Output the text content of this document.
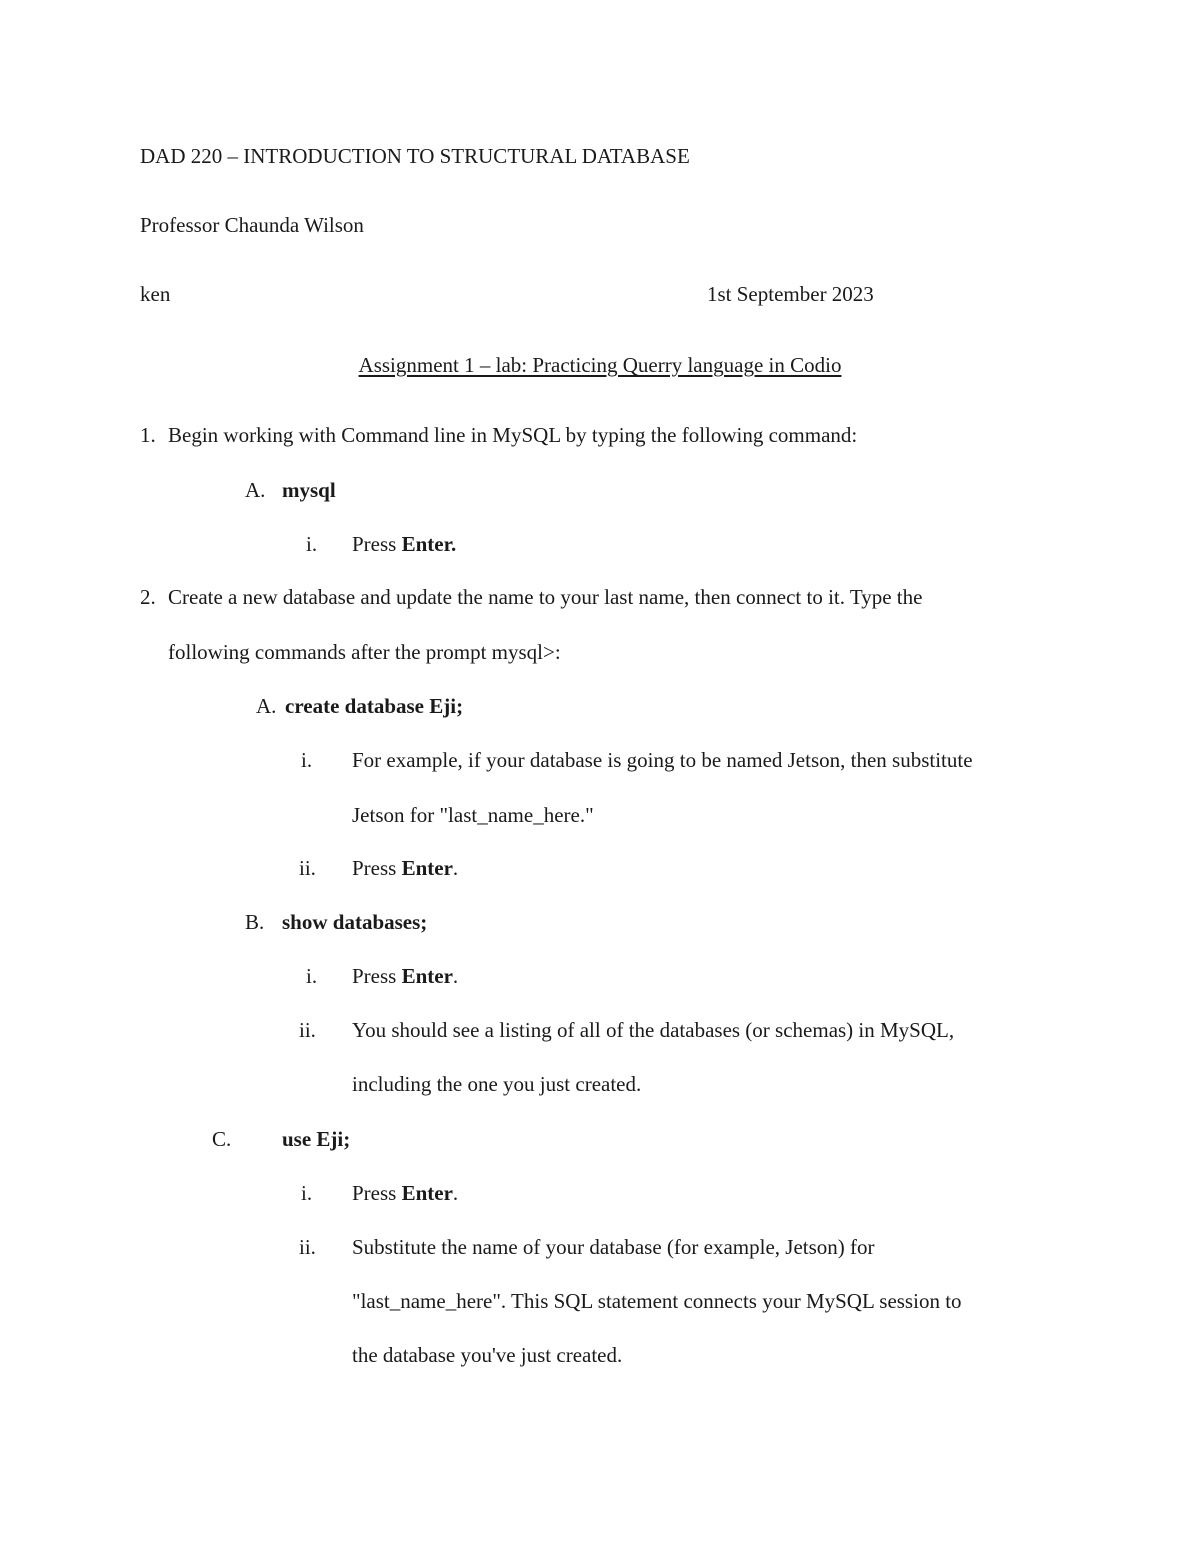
DAD 220 – INTRODUCTION TO STRUCTURAL DATABASE
Professor Chaunda Wilson
ken	1st September 2023
Assignment 1 – lab: Practicing Querry language in Codio
1. Begin working with Command line in MySQL by typing the following command:
A. mysql
i. Press Enter.
2. Create a new database and update the name to your last name, then connect to it. Type the
following commands after the prompt mysql>:
A. create database Eji;
i. For example, if your database is going to be named Jetson, then substitute
Jetson for "last_name_here."
ii. Press Enter.
B. show databases;
i. Press Enter.
ii. You should see a listing of all of the databases (or schemas) in MySQL,
including the one you just created.
C. use Eji;
i. Press Enter.
ii. Substitute the name of your database (for example, Jetson) for
"last_name_here". This SQL statement connects your MySQL session to
the database you've just created.
